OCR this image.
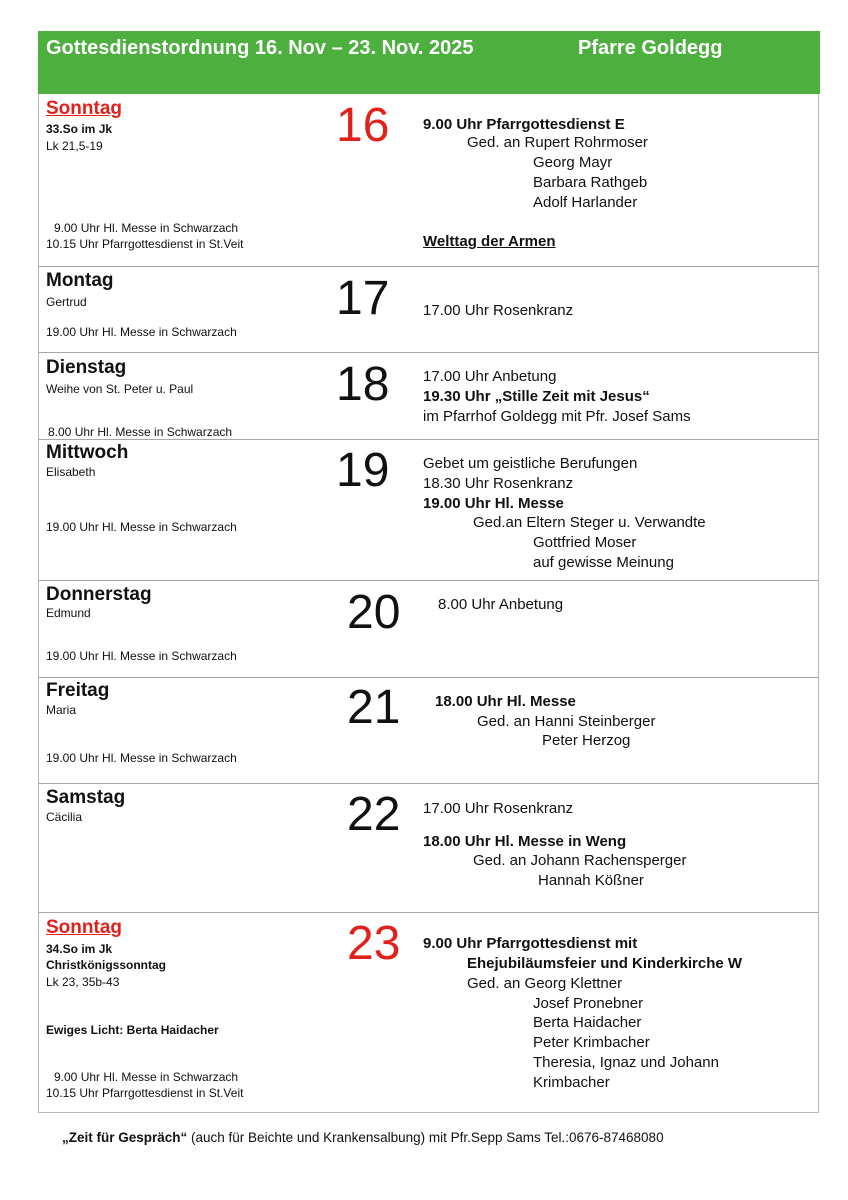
Gottesdienstordnung 16. Nov – 23. Nov. 2025	Pfarre Goldegg
Sonntag
33.So im Jk
Lk 21,5-19
9.00 Uhr Hl. Messe in Schwarzach
10.15 Uhr Pfarrgottesdienst in St.Veit
16 9.00 Uhr Pfarrgottesdienst E
Ged. an Rupert Rohrmoser
Georg Mayr
Barbara Rathgeb
Adolf Harlander
Welttag der Armen
Montag
Gertrud
19.00 Uhr Hl. Messe in Schwarzach
17 17.00 Uhr Rosenkranz
Dienstag
Weihe von St. Peter u. Paul
8.00 Uhr Hl. Messe in Schwarzach
18 17.00 Uhr Anbetung
19.30 Uhr „Stille Zeit mit Jesus“
im Pfarrhof Goldegg mit Pfr. Josef Sams
Mittwoch
Elisabeth
19.00 Uhr Hl. Messe in Schwarzach
19 Gebet um geistliche Berufungen
18.30 Uhr Rosenkranz
19.00 Uhr Hl. Messe
Ged.an Eltern Steger u. Verwandte
Gottfried Moser
auf gewisse Meinung
Donnerstag
Edmund
19.00 Uhr Hl. Messe in Schwarzach
20	8.00 Uhr Anbetung
Freitag
Maria
19.00 Uhr Hl. Messe in Schwarzach
21 18.00 Uhr Hl. Messe
Ged. an Hanni Steinberger
Peter Herzog
Samstag
Cäcilia	22 17.00 Uhr Rosenkranz
18.00 Uhr Hl. Messe in Weng
Ged. an Johann Rachensperger
Hannah Kößner
Sonntag
34.So im Jk
Christkönigssonntag
Lk 23, 35b-43
Ewiges Licht: Berta Haidacher
9.00 Uhr Hl. Messe in Schwarzach
10.15 Uhr Pfarrgottesdienst in St.Veit
23 9.00 Uhr Pfarrgottesdienst mit
Ehejubiläumsfeier und Kinderkirche W
Ged. an Georg Klettner
Josef Pronebner
Berta Haidacher
Peter Krimbacher
Theresia, Ignaz und Johann
Krimbacher
„Zeit für Gespräch“ (auch für Beichte und Krankensalbung) mit Pfr.Sepp Sams Tel.:0676-87468080
